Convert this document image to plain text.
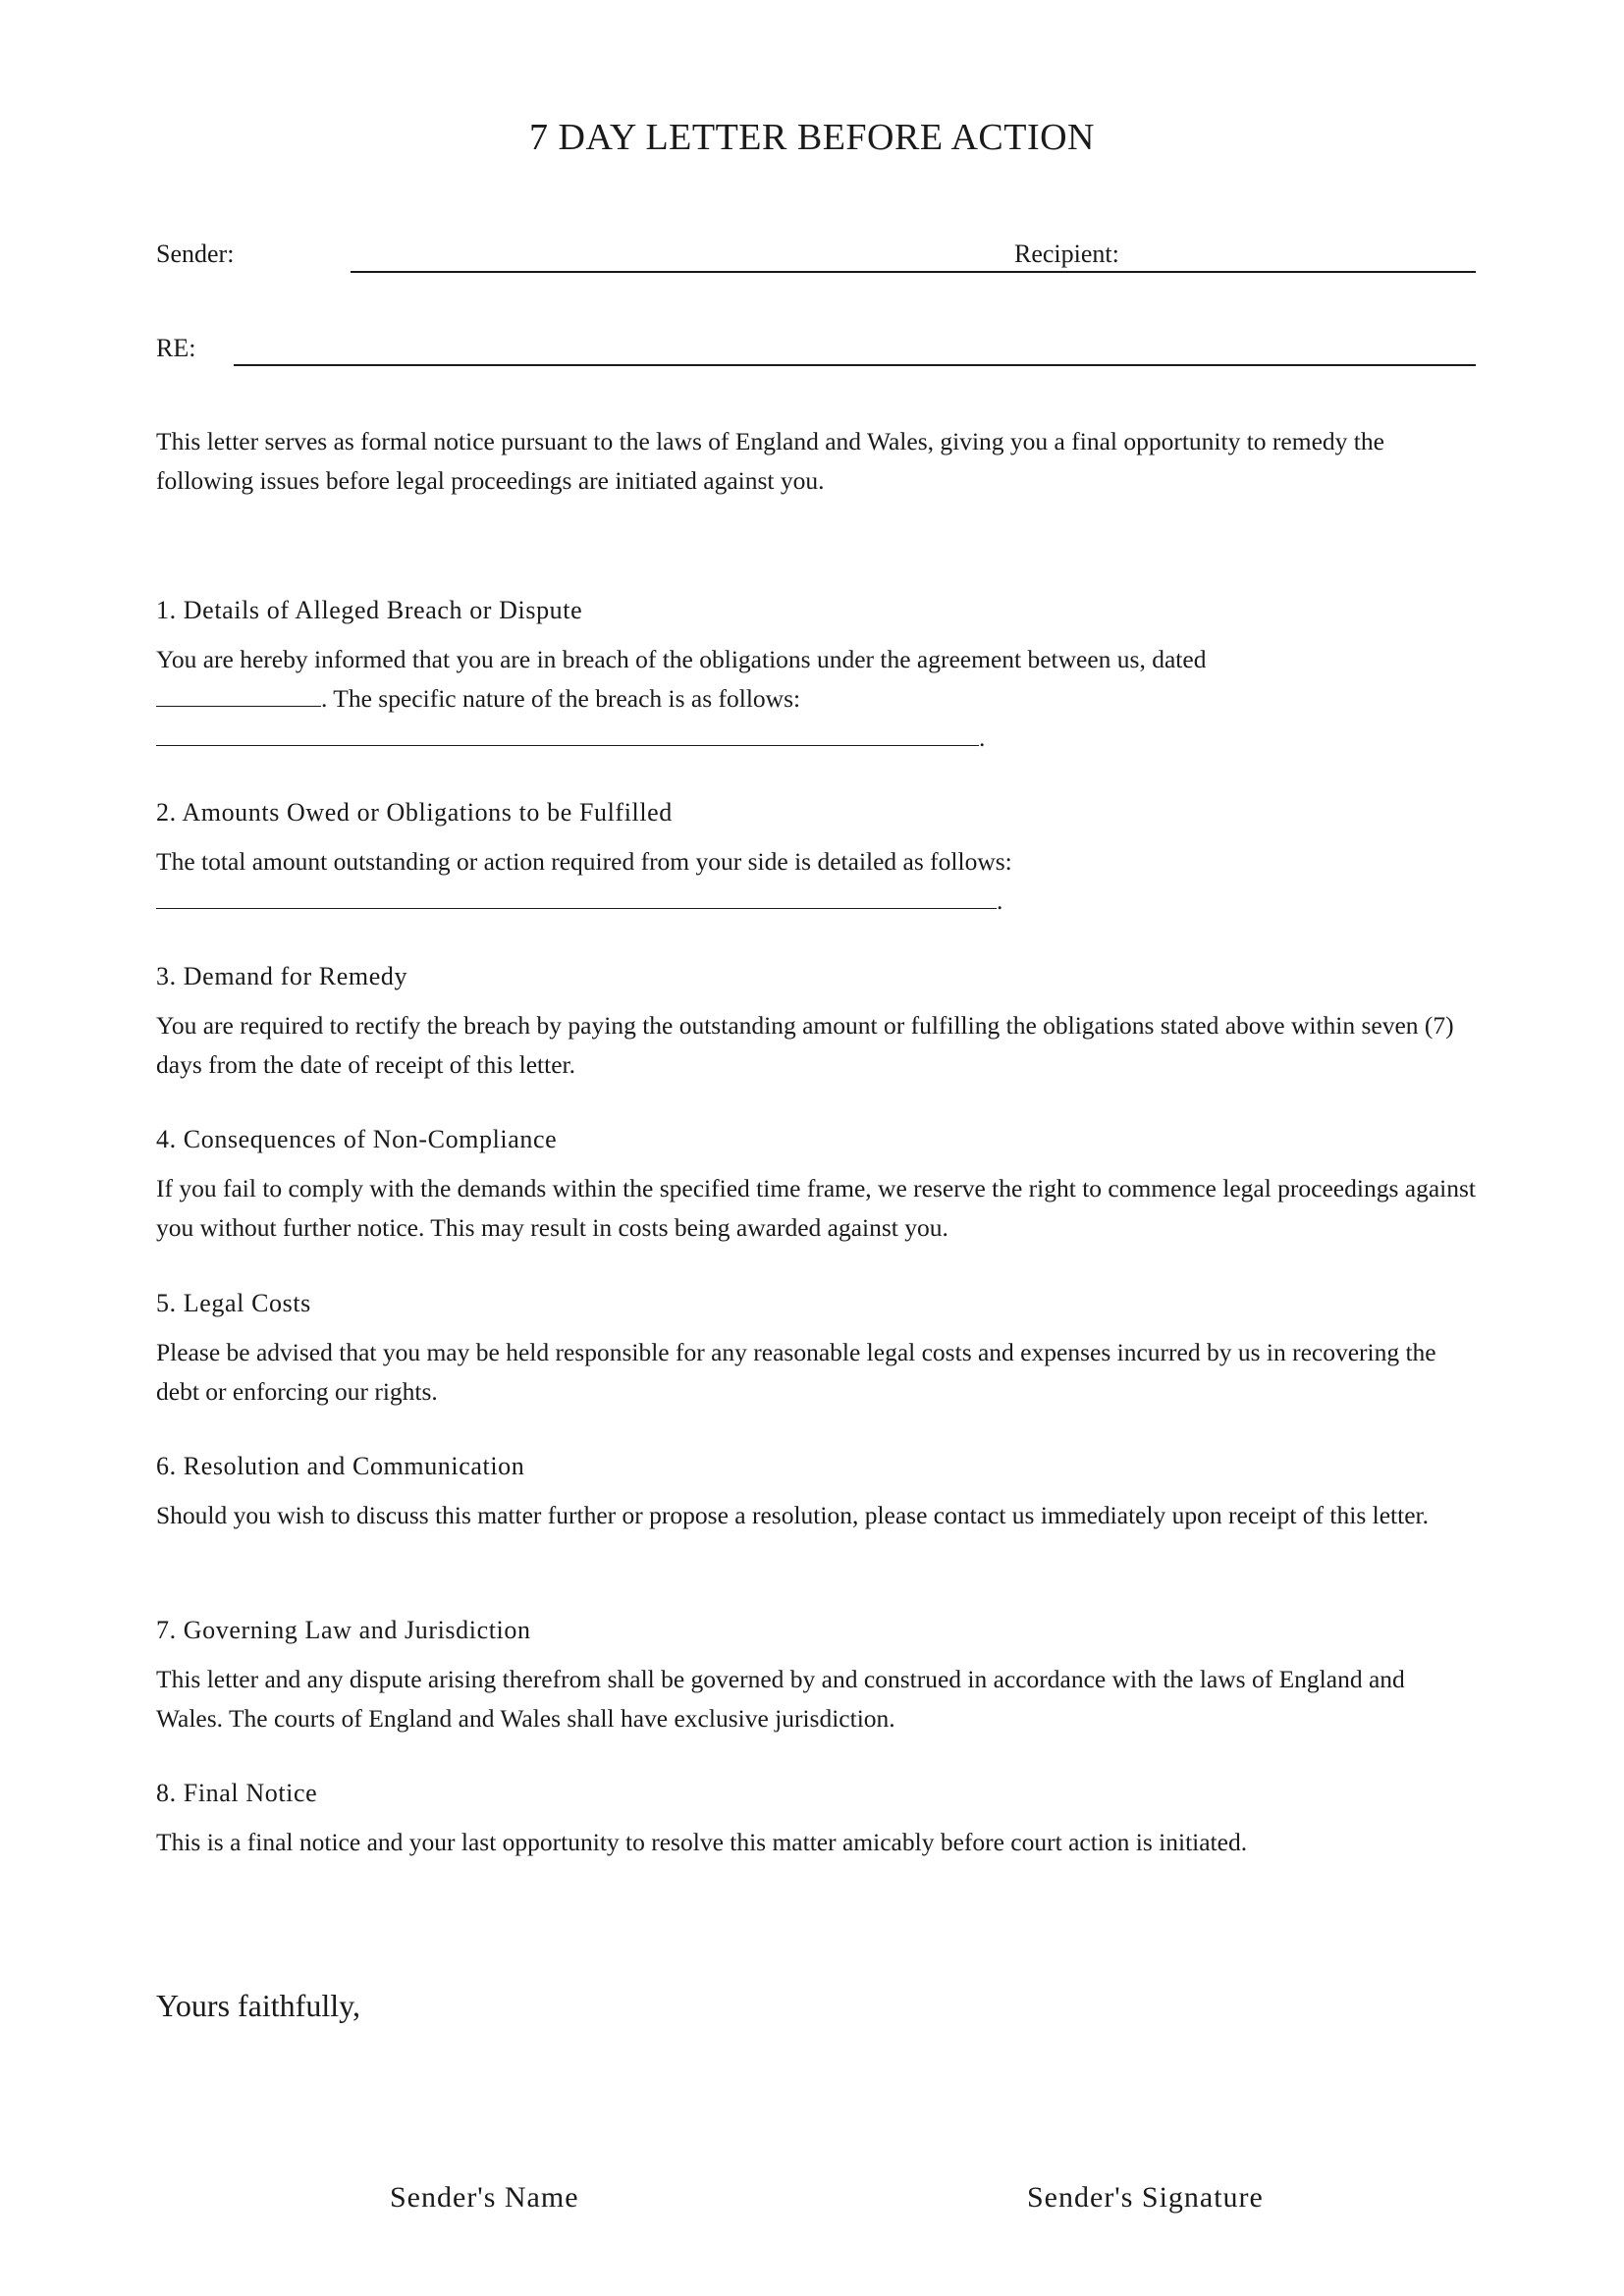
7 DAY LETTER BEFORE ACTION
Sender:	Recipient:
RE:
This letter serves as formal notice pursuant to the laws of England and Wales, giving you a final opportunity to remedy the following issues before legal proceedings are initiated against you.
1. Details of Alleged Breach or Dispute
You are hereby informed that you are in breach of the obligations under the agreement between us, dated
. The specific nature of the breach is as follows:
.
2. Amounts Owed or Obligations to be Fulfilled
The total amount outstanding or action required from your side is detailed as follows:
.
3. Demand for Remedy
You are required to rectify the breach by paying the outstanding amount or fulfilling the obligations stated above within seven (7) days from the date of receipt of this letter.
4. Consequences of Non-Compliance
If you fail to comply with the demands within the specified time frame, we reserve the right to commence legal proceedings against you without further notice. This may result in costs being awarded against you.
5. Legal Costs
Please be advised that you may be held responsible for any reasonable legal costs and expenses incurred by us in recovering the debt or enforcing our rights.
6. Resolution and Communication
Should you wish to discuss this matter further or propose a resolution, please contact us immediately upon receipt of this letter.
7. Governing Law and Jurisdiction
This letter and any dispute arising therefrom shall be governed by and construed in accordance with the laws of England and Wales. The courts of England and Wales shall have exclusive jurisdiction.
8. Final Notice
This is a final notice and your last opportunity to resolve this matter amicably before court action is initiated.
Yours faithfully,
Sender's Name	Sender's Signature
